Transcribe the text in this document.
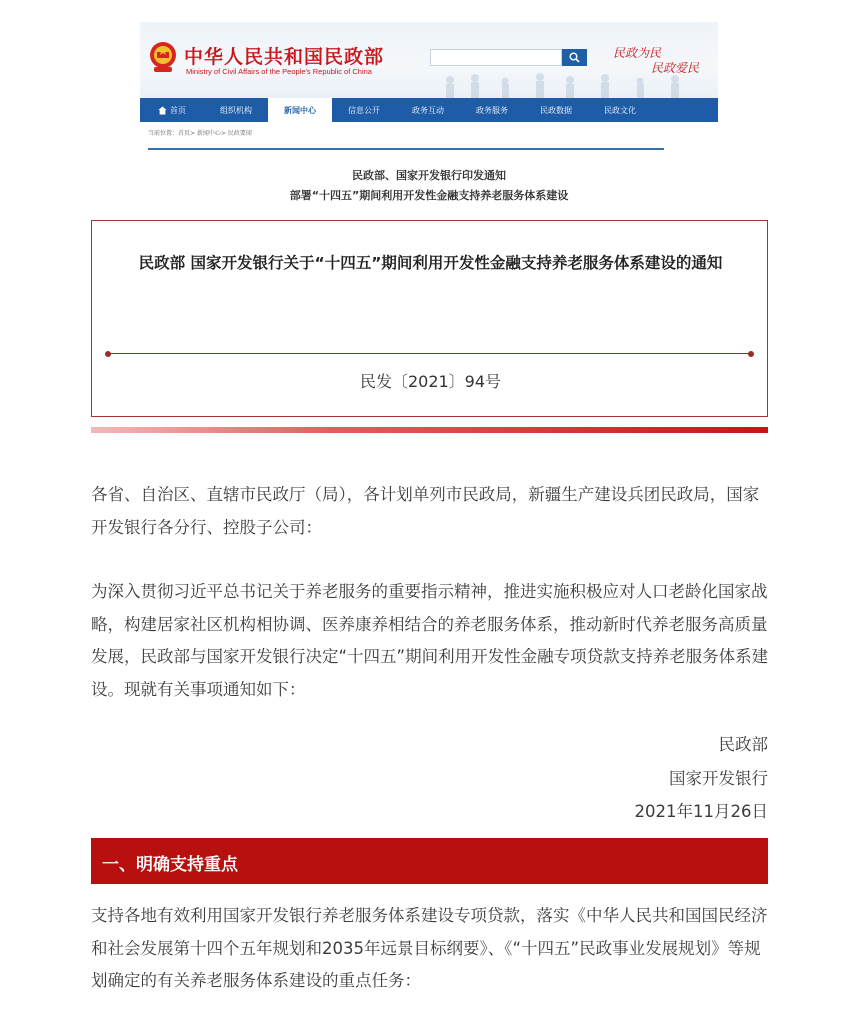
中华人民共和国民政部
Ministry of Civil Affairs of the People's Republic of China
民政为民
民政爱民
首页	组织机构	新闻中心	信息公开	政务互动	政务服务	民政数据	民政文化
当前位置：首页> 新闻中心> 民政要闻
民政部、国家开发银行印发通知
部署“十四五”期间利用开发性金融支持养老服务体系建设
民政部 国家开发银行关于“十四五”期间利用开发性金融支持养老服务体系建设的通知
民发〔2021〕94号
各省、自治区、直辖市民政厅（局），各计划单列市民政局，新疆生产建设兵团民政局，国家开发银行各分行、控股子公司：
为深入贯彻习近平总书记关于养老服务的重要指示精神，推进实施积极应对人口老龄化国家战略，构建居家社区机构相协调、医养康养相结合的养老服务体系，推动新时代养老服务高质量发展，民政部与国家开发银行决定“十四五”期间利用开发性金融专项贷款支持养老服务体系建设。现就有关事项通知如下：
民政部
国家开发银行
2021年11月26日
一、明确支持重点
支持各地有效利用国家开发银行养老服务体系建设专项贷款，落实《中华人民共和国国民经济和社会发展第十四个五年规划和2035年远景目标纲要》、《“十四五”民政事业发展规划》等规划确定的有关养老服务体系建设的重点任务：
